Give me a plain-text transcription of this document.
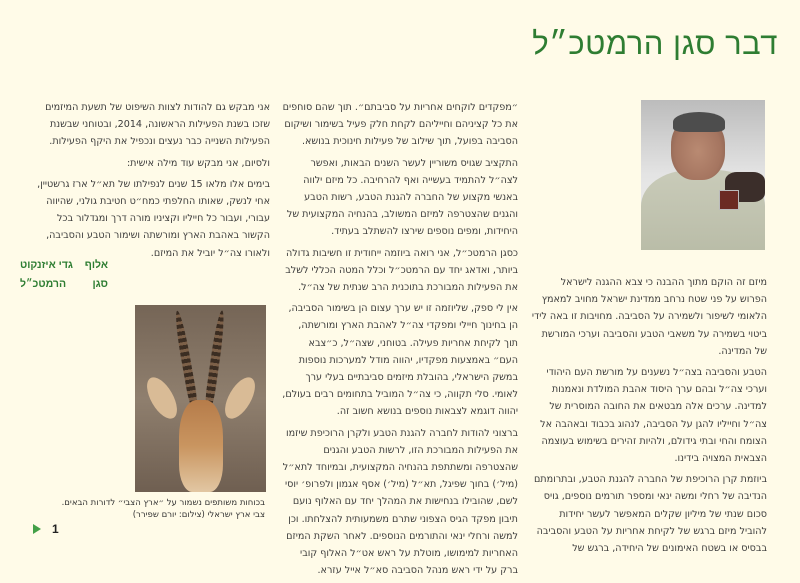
דבר סגן הרמטכ״ל

מיזם זה הוקם מתוך ההבנה כי צבא ההגנה לישראל הפרוש על פני שטח נרחב ממדינת ישראל מחויב למאמץ הלאומי לשיפור ולשמירה על הסביבה. מחויבות זו באה לידי ביטוי בשמירה על משאבי הטבע והסביבה וערכי המורשת של המדינה.

הטבע והסביבה בצה״ל נשענים על מורשת העם היהודי וערכי צה״ל ובהם ערך היסוד אהבת המולדת ונאמנות למדינה. ערכים אלה מבטאים את החובה המוסרית של צה״ל וחייליו להגן על הסביבה, לנהוג בכבוד ובאהבה אל הצומח והחי ובתי גידולם, ולהיות זהירים בשימוש בעוצמה הצבאית המצויה בידינו.

ביוזמת קרן הרוכיפת של החברה להגנת הטבע, ובתרומתם הנדיבה של רחלי ומשה ינאי ומספר תורמים נוספים, גויס סכום שנתי של מיליון שקלים המאפשר לעשר יחידות להוביל מיזם ברגש של לקיחת אחריות על הטבע והסביבה בבסיס או בשטח האימונים של היחידה, ברגש של

״מפקדים לוקחים אחריות על סביבתם״. תוך שהם סוחפים את כל קציניהם וחייליהם לקחת חלק פעיל בשימור ושיקום הסביבה בפועל, תוך שילוב של פעילות חינוכית בנושא.

התקציב שגויס משוריין לעשר השנים הבאות, ואפשר לצה״ל להתמיד בעשייה ואף להרחיבה. כל מיזם ילווה באנשי מקצוע של החברה להגנת הטבע, רשות הטבע והגנים שהצטרפה למיזם המשולב, בהנחיה המקצועית של היחידות, ומפים נוספים שירצו להשתלב בעתיד.

כסגן הרמטכ״ל, אני רואה ביוזמה ייחודית זו חשיבות גדולה ביותר, ואדאג יחד עם הרמטכ״ל וכלל המטה הכללי לשלב את הפעילות המבורכת בתוכנית הרב שנתית של צה״ל.

אין לי ספק, שליוזמה זו יש ערך עצום הן בשימור הסביבה, הן בחינוך חיילי ומפקדי צה״ל לאהבת הארץ ומורשתה, תוך לקיחת אחריות פעילה. בטוחני, שצה״ל, כ״צבא העם״ באמצעות מפקדיו, יהווה מודל למערכות נוספות במשק הישראלי, בהובלת מיזמים סביבתיים בעלי ערך לאומי. סלי תקווה, כי צה״ל המוביל בתחומים רבים בעולם, יהווה דוגמא לצבאות נוספים בנושא חשוב זה.

ברצוני להודות לחברה להגנת הטבע ולקרן הרוכיפת שיזמו את הפעילות המבורכת הזו, לרשות הטבע והגנים שהצטרפה ומשתתפת בהנחיה המקצועית, ובמיוחד לתא״ל (מיל׳) בחוך שפיגל, תא״ל (מיל׳) אסף אגמון ולפרופ׳ יוסי לשם, שהובילו בנחישות את המהלך יחד עם האלוף נועם תיבון מפקד הגיס הצפוני שתרם משמעותית להצלחתו. וכן למשה ורחלי ינאי והתורמים הנוספים. לאחר השקת המיזם האחריות למימושו, מוטלת על ראש אט״ל האלוף קובי ברק על ידי ראש מנהל הסביבה סא״ל אייל עזרא.

אני מבקש גם להודות לצוות השיפוט של תשעת המיזמים שזכו בשנת הפעילות הראשונה, 2014, ובטוחני שבשנת הפעילות השנייה כבר נעצים ונכפיל את היקף הפעילות.

ולסיום, אני מבקש עוד מילה אישית:

בימים אלו מלאו 15 שנים לנפילתו של תא״ל ארז גרשטיין, אחי לנשק, שאותו החלפתי כמח״ט חטיבת גולני, שהיווה עבורי, ועבור כל חייליו וקציניו מורה דרך ומגדלור בכל הקשור באהבת הארץ ומורשתה ושימור הטבע והסביבה, ולאורו צה״ל יוביל את המיזם.

אלוף
גדי איזנקוט
סגן
הרמטכ״ל
בכוחות משותפים נשמור על ״ארץ הצבי״ לדורות הבאים.
צבי ארץ ישראלי (צילום: יורם שפירר)
1
